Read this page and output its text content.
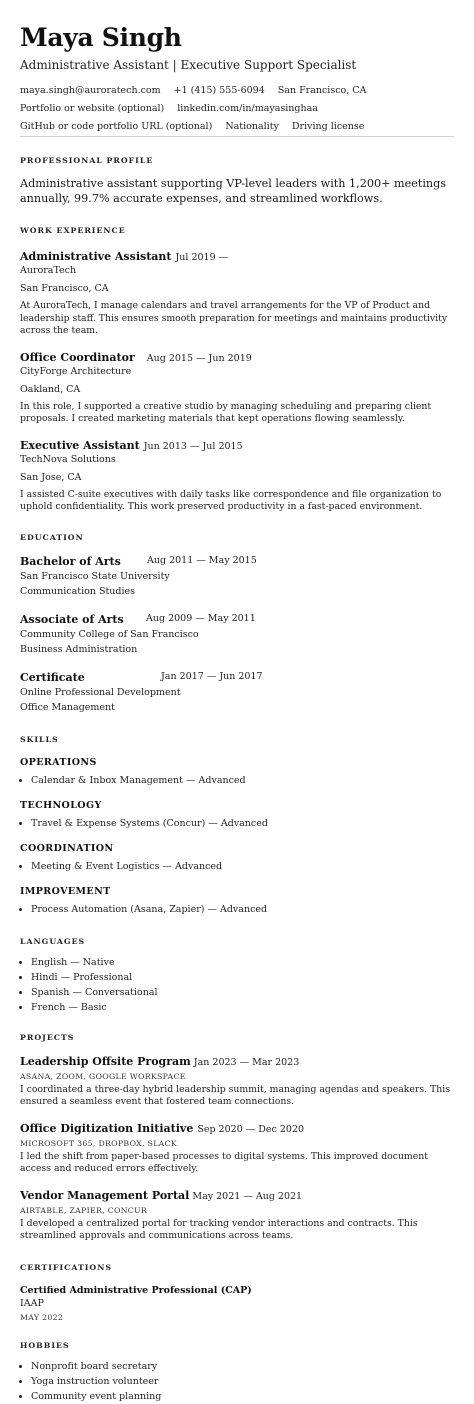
Maya Singh
Administrative Assistant | Executive Support Specialist
maya.singh@auroratech.com +1 (415) 555-6094 San Francisco, CA
Portfolio or website (optional) linkedin.com/in/mayasinghaa
GitHub or code portfolio URL (optional) Nationality Driving license
PROFESSIONAL PROFILE
Administrative assistant supporting VP-level leaders with 1,200+ meetings annually, 99.7% accurate expenses, and streamlined workflows.
WORK EXPERIENCE
Administrative Assistant Jul 2019 —
AuroraTech
San Francisco, CA
At AuroraTech, I manage calendars and travel arrangements for the VP of Product and leadership staff. This ensures smooth preparation for meetings and maintains productivity across the team.
Office Coordinator Aug 2015 — Jun 2019
CityForge Architecture
Oakland, CA
In this role, I supported a creative studio by managing scheduling and preparing client proposals. I created marketing materials that kept operations flowing seamlessly.
Executive Assistant Jun 2013 — Jul 2015
TechNova Solutions
San Jose, CA
I assisted C-suite executives with daily tasks like correspondence and file organization to uphold confidentiality. This work preserved productivity in a fast-paced environment.
EDUCATION
Bachelor of Arts	Aug 2011 — May 2015
San Francisco State University
Communication Studies
Associate of Arts Aug 2009 — May 2011
Community College of San Francisco
Business Administration
Certificate	Jan 2017 — Jun 2017
Online Professional Development
Office Management
SKILLS
OPERATIONS
• Calendar & Inbox Management — Advanced
TECHNOLOGY
• Travel & Expense Systems (Concur) — Advanced
COORDINATION
• Meeting & Event Logistics — Advanced
IMPROVEMENT
• Process Automation (Asana, Zapier) — Advanced
LANGUAGES
• English — Native
• Hindi — Professional
• Spanish — Conversational
• French — Basic
PROJECTS
Leadership Offsite Program Jan 2023 — Mar 2023
ASANA, ZOOM, GOOGLE WORKSPACE
I coordinated a three-day hybrid leadership summit, managing agendas and speakers. This ensured a seamless event that fostered team connections.
Office Digitization Initiative Sep 2020 — Dec 2020
MICROSOFT 365, DROPBOX, SLACK
I led the shift from paper-based processes to digital systems. This improved document access and reduced errors effectively.
Vendor Management Portal May 2021 — Aug 2021
AIRTABLE, ZAPIER, CONCUR
I developed a centralized portal for tracking vendor interactions and contracts. This streamlined approvals and communications across teams.
CERTIFICATIONS
Certified Administrative Professional (CAP)
IAAP
MAY 2022
HOBBIES
• Nonprofit board secretary
• Yoga instruction volunteer
• Community event planning
